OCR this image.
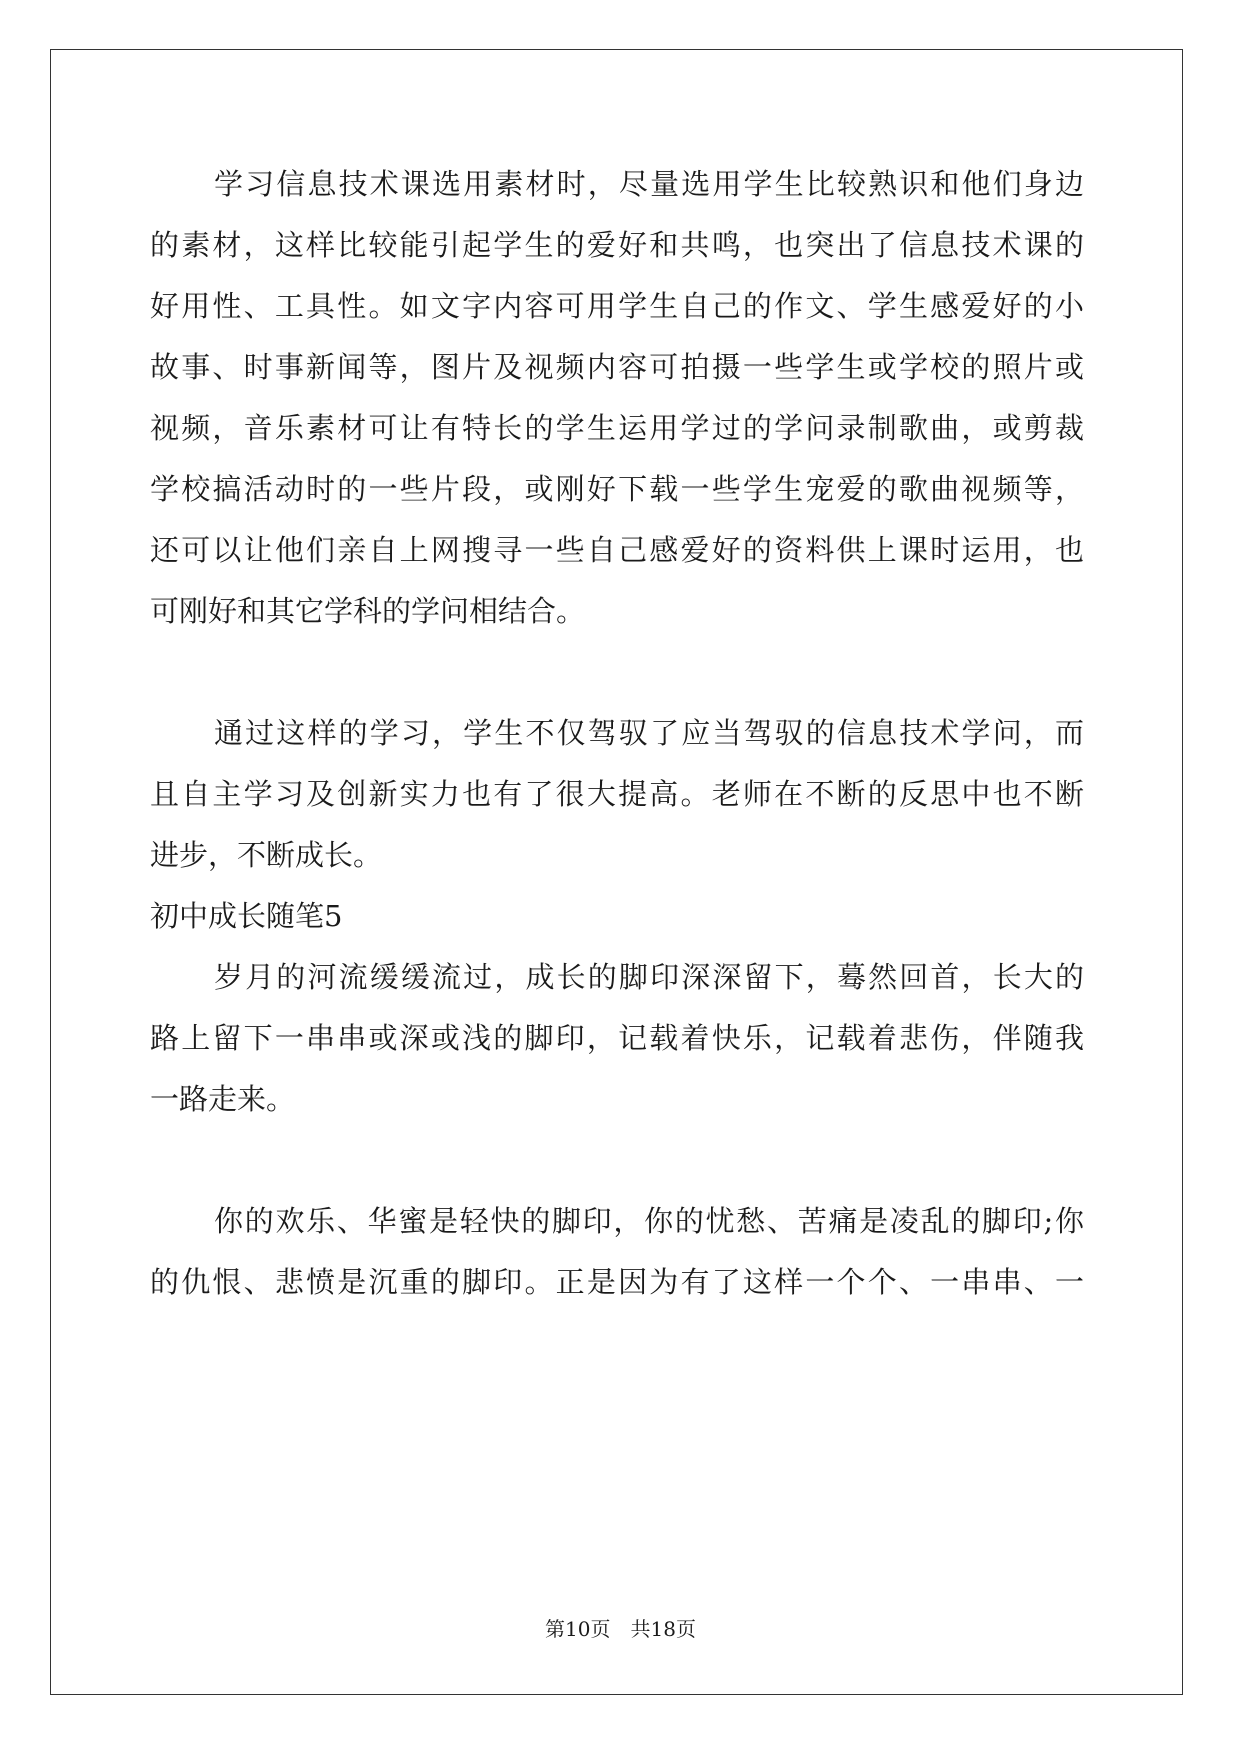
学习信息技术课选用素材时，尽量选用学生比较熟识和他们身边
的素材，这样比较能引起学生的爱好和共鸣，也突出了信息技术课的
好用性、工具性。如文字内容可用学生自己的作文、学生感爱好的小
故事、时事新闻等，图片及视频内容可拍摄一些学生或学校的照片或
视频，音乐素材可让有特长的学生运用学过的学问录制歌曲，或剪裁
学校搞活动时的一些片段，或刚好下载一些学生宠爱的歌曲视频等，
还可以让他们亲自上网搜寻一些自己感爱好的资料供上课时运用，也
可刚好和其它学科的学问相结合。
通过这样的学习，学生不仅驾驭了应当驾驭的信息技术学问，而
且自主学习及创新实力也有了很大提高。老师在不断的反思中也不断
进步，不断成长。
初中成长随笔5
岁月的河流缓缓流过，成长的脚印深深留下，蓦然回首，长大的
路上留下一串串或深或浅的脚印，记载着快乐，记载着悲伤，伴随我
一路走来。
你的欢乐、华蜜是轻快的脚印，你的忧愁、苦痛是凌乱的脚印;你
的仇恨、悲愤是沉重的脚印。正是因为有了这样一个个、一串串、一
第10页　共18页
